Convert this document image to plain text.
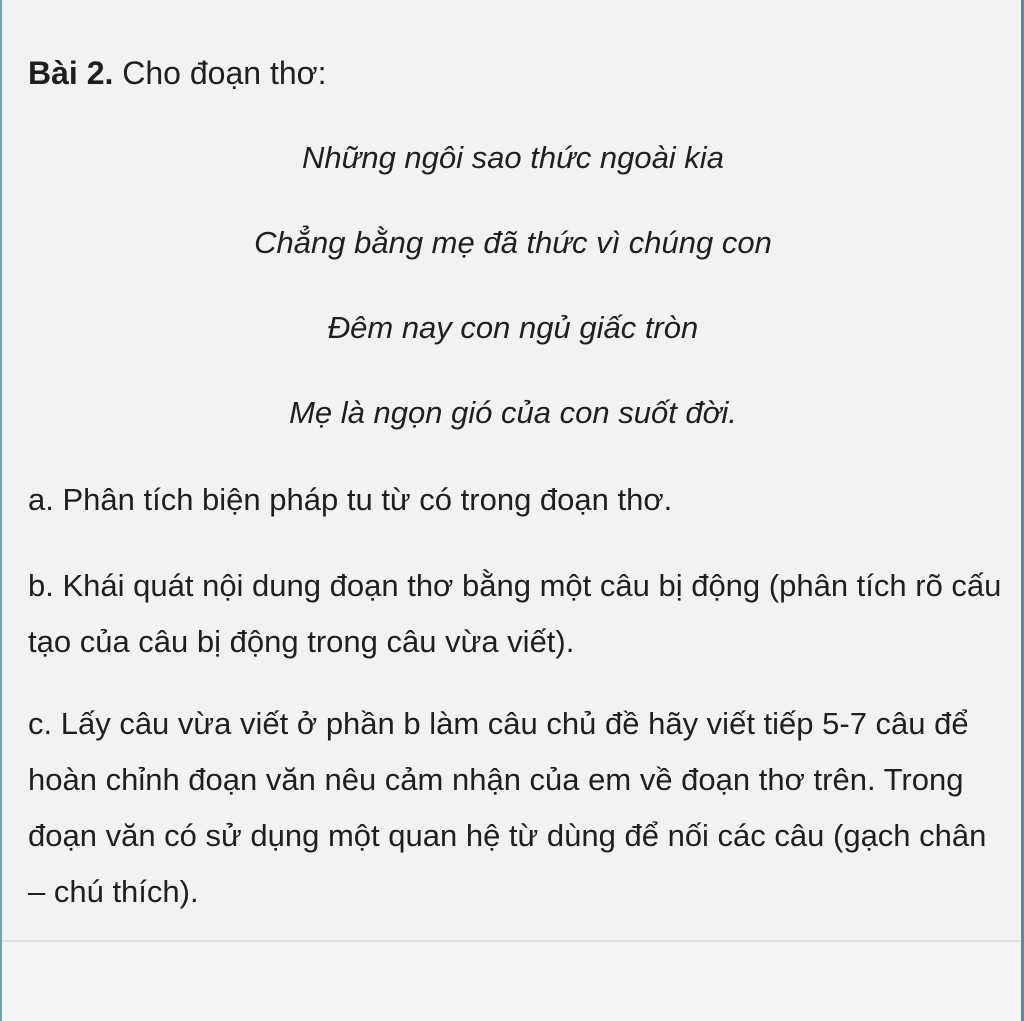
Bài 2. Cho đoạn thơ:

Những ngôi sao thức ngoài kia

Chẳng bằng mẹ đã thức vì chúng con

Đêm nay con ngủ giấc tròn

Mẹ là ngọn gió của con suốt đời.

a. Phân tích biện pháp tu từ có trong đoạn thơ.

b. Khái quát nội dung đoạn thơ bằng một câu bị động (phân tích rõ cấu tạo của câu bị động trong câu vừa viết).

c. Lấy câu vừa viết ở phần b làm câu chủ đề hãy viết tiếp 5-7 câu để hoàn chỉnh đoạn văn nêu cảm nhận của em về đoạn thơ trên. Trong đoạn văn có sử dụng một quan hệ từ dùng để nối các câu (gạch chân – chú thích).
